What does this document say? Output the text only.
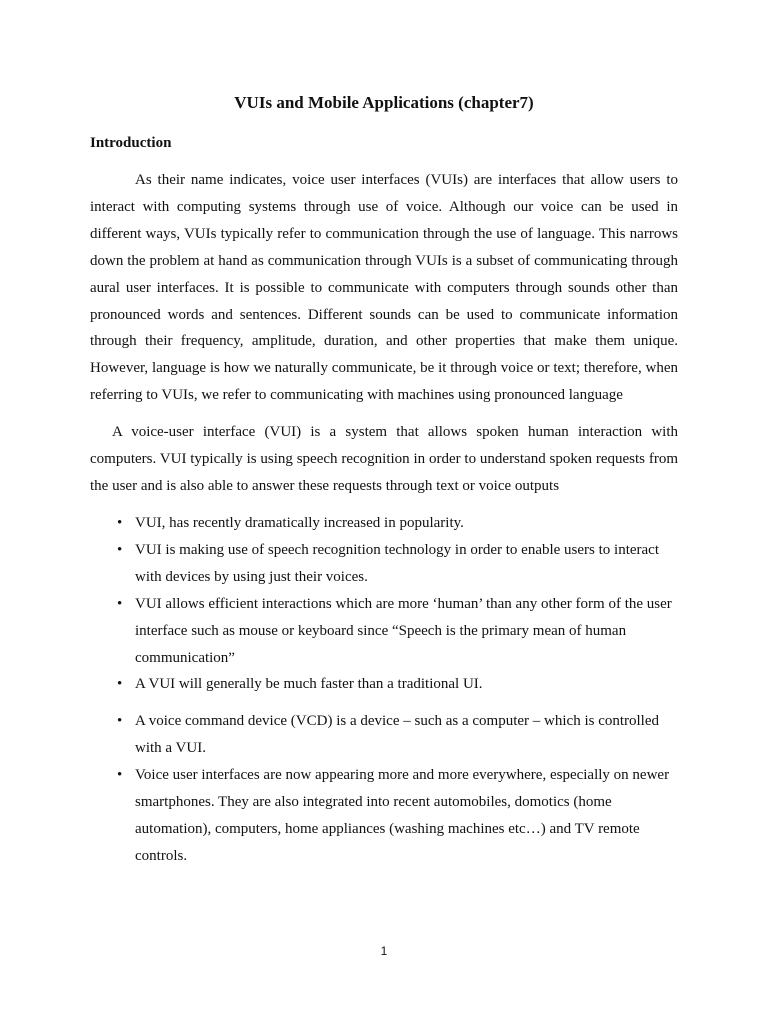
VUIs and Mobile Applications (chapter7)
Introduction
As their name indicates, voice user interfaces (VUIs) are interfaces that allow users to interact with computing systems through use of voice. Although our voice can be used in different ways, VUIs typically refer to communication through the use of language. This narrows down the problem at hand as communication through VUIs is a subset of communicating through aural user interfaces. It is possible to communicate with computers through sounds other than pronounced words and sentences. Different sounds can be used to communicate information through their frequency, amplitude, duration, and other properties that make them unique. However, language is how we naturally communicate, be it through voice or text; therefore, when referring to VUIs, we refer to communicating with machines using pronounced language
A voice-user interface (VUI) is a system that allows spoken human interaction with computers. VUI typically is using speech recognition in order to understand spoken requests from the user and is also able to answer these requests through text or voice outputs
• VUI, has recently dramatically increased in popularity.
• VUI is making use of speech recognition technology in order to enable users to interact with devices by using just their voices.
• VUI allows efficient interactions which are more ‘human’ than any other form of the user interface such as mouse or keyboard since “Speech is the primary mean of human communication”
• A VUI will generally be much faster than a traditional UI.
• A voice command device (VCD) is a device – such as a computer – which is controlled with a VUI.
• Voice user interfaces are now appearing more and more everywhere, especially on newer smartphones. They are also integrated into recent automobiles, domotics (home automation), computers, home appliances (washing machines etc…) and TV remote controls.
1
